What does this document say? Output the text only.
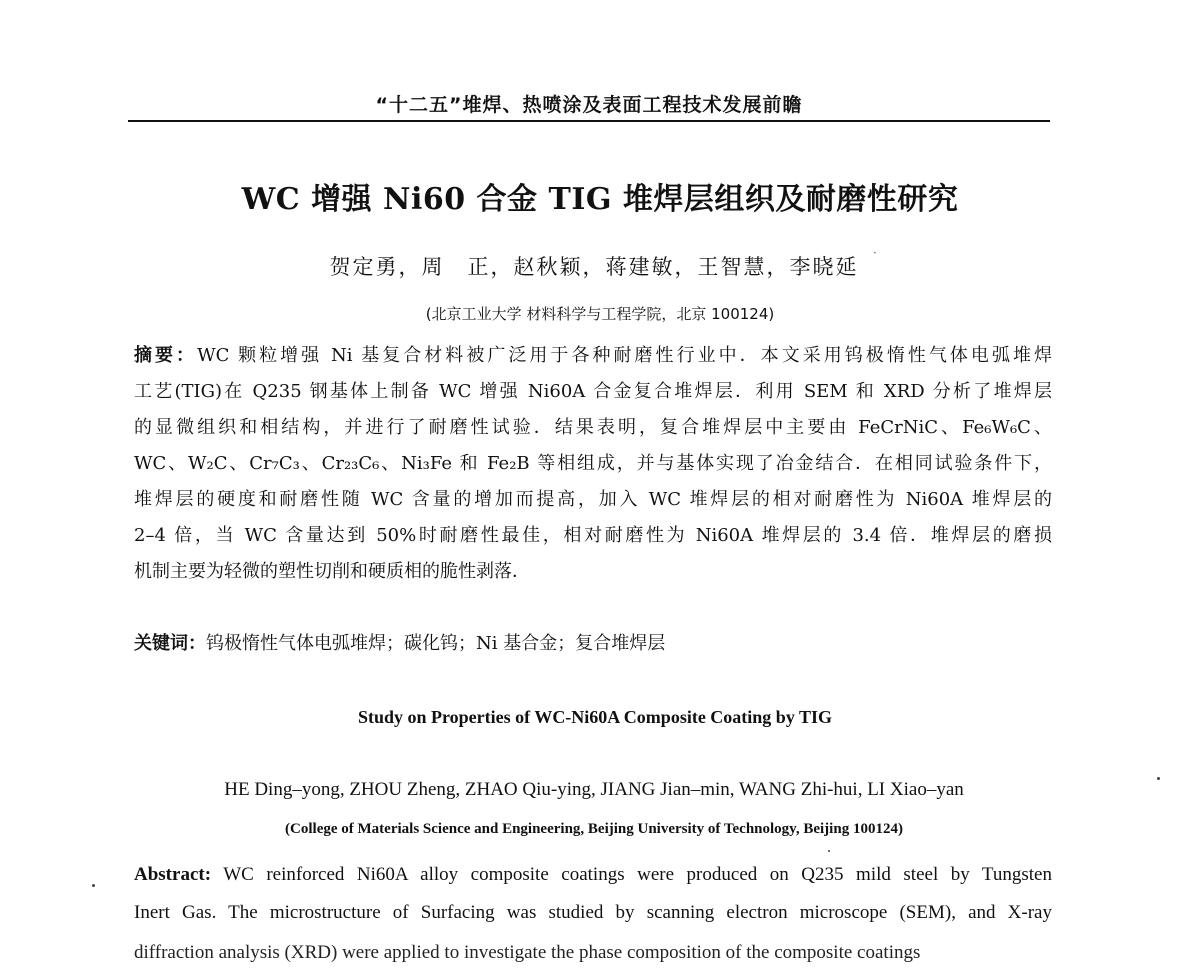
“十二五”堆焊、热喷涂及表面工程技术发展前瞻
WC 增强 Ni60 合金 TIG 堆焊层组织及耐磨性研究
贺定勇，周　正，赵秋颖，蒋建敏，王智慧，李晓延
·
(北京工业大学 材料科学与工程学院，北京 100124)
摘要：WC 颗粒增强 Ni 基复合材料被广泛用于各种耐磨性行业中．本文采用钨极惰性气体电弧堆焊
工艺(TIG)在 Q235 钢基体上制备 WC 增强 Ni60A 合金复合堆焊层．利用 SEM 和 XRD 分析了堆焊层
的显微组织和相结构，并进行了耐磨性试验．结果表明，复合堆焊层中主要由 FeCrNiC、Fe₆W₆C、
WC、W₂C、Cr₇C₃、Cr₂₃C₆、Ni₃Fe 和 Fe₂B 等相组成，并与基体实现了冶金结合．在相同试验条件下，
堆焊层的硬度和耐磨性随 WC 含量的增加而提高，加入 WC 堆焊层的相对耐磨性为 Ni60A 堆焊层的
2–4 倍，当 WC 含量达到 50%时耐磨性最佳，相对耐磨性为 Ni60A 堆焊层的 3.4 倍．堆焊层的磨损
机制主要为轻微的塑性切削和硬质相的脆性剥落．
关键词：钨极惰性气体电弧堆焊；碳化钨；Ni 基合金；复合堆焊层
Study on Properties of WC-Ni60A Composite Coating by TIG
HE Ding–yong, ZHOU Zheng, ZHAO Qiu-ying, JIANG Jian–min, WANG Zhi-hui, LI Xiao–yan
(College of Materials Science and Engineering, Beijing University of Technology, Beijing 100124)
Abstract: WC reinforced Ni60A alloy composite coatings were produced on Q235 mild steel by Tungsten
Inert Gas. The microstructure of Surfacing was studied by scanning electron microscope (SEM), and X-ray
diffraction analysis (XRD) were applied to investigate the phase composition of the composite coatings
